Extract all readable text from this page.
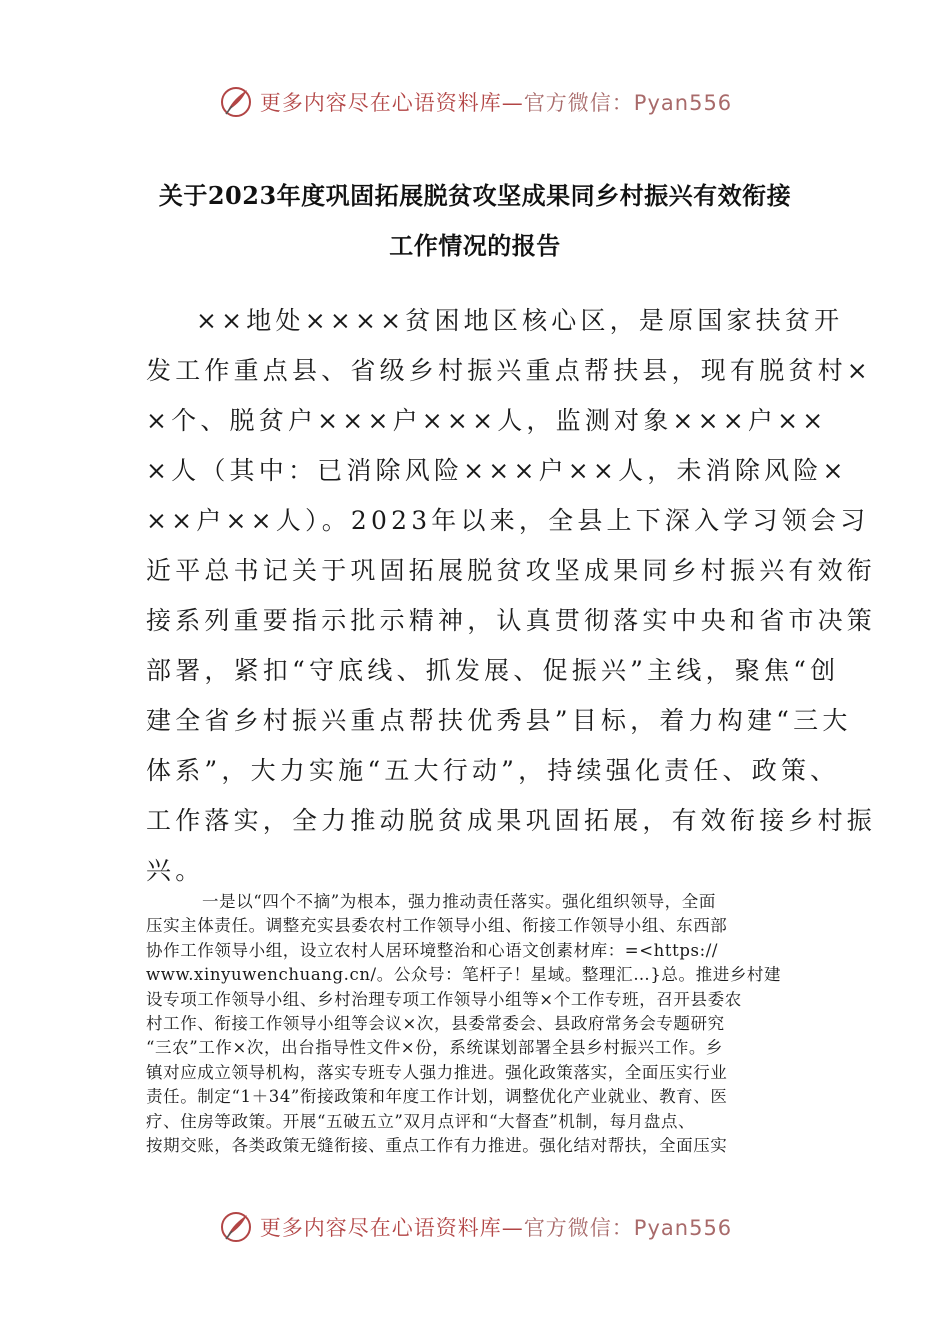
更多内容尽在心语资料库—官方微信：Pyan556
关于2023年度巩固拓展脱贫攻坚成果同乡村振兴有效衔接
工作情况的报告
××地处××××贫困地区核心区，是原国家扶贫开
发工作重点县、省级乡村振兴重点帮扶县，现有脱贫村×
×个、脱贫户×××户×××人，监测对象×××户××
×人（其中：已消除风险×××户××人，未消除风险×
××户××人）。2023年以来，全县上下深入学习领会习
近平总书记关于巩固拓展脱贫攻坚成果同乡村振兴有效衔
接系列重要指示批示精神，认真贯彻落实中央和省市决策
部署，紧扣“守底线、抓发展、促振兴”主线，聚焦“创
建全省乡村振兴重点帮扶优秀县”目标，着力构建“三大
体系”，大力实施“五大行动”，持续强化责任、政策、
工作落实，全力推动脱贫成果巩固拓展，有效衔接乡村振
兴。
一是以“四个不摘”为根本，强力推动责任落实。强化组织领导，全面
压实主体责任。调整充实县委农村工作领导小组、衔接工作领导小组、东西部
协作工作领导小组，设立农村人居环境整治和心语文创素材库：=<https://
www.xinyuwenchuang.cn/。公众号：笔杆子！星域。整理汇…}总。推进乡村建
设专项工作领导小组、乡村治理专项工作领导小组等×个工作专班，召开县委农
村工作、衔接工作领导小组等会议×次，县委常委会、县政府常务会专题研究
“三农”工作×次，出台指导性文件×份，系统谋划部署全县乡村振兴工作。乡
镇对应成立领导机构，落实专班专人强力推进。强化政策落实，全面压实行业
责任。制定“1＋34”衔接政策和年度工作计划，调整优化产业就业、教育、医
疗、住房等政策。开展“五破五立”双月点评和“大督查”机制，每月盘点、
按期交账，各类政策无缝衔接、重点工作有力推进。强化结对帮扶，全面压实
更多内容尽在心语资料库—官方微信：Pyan556
